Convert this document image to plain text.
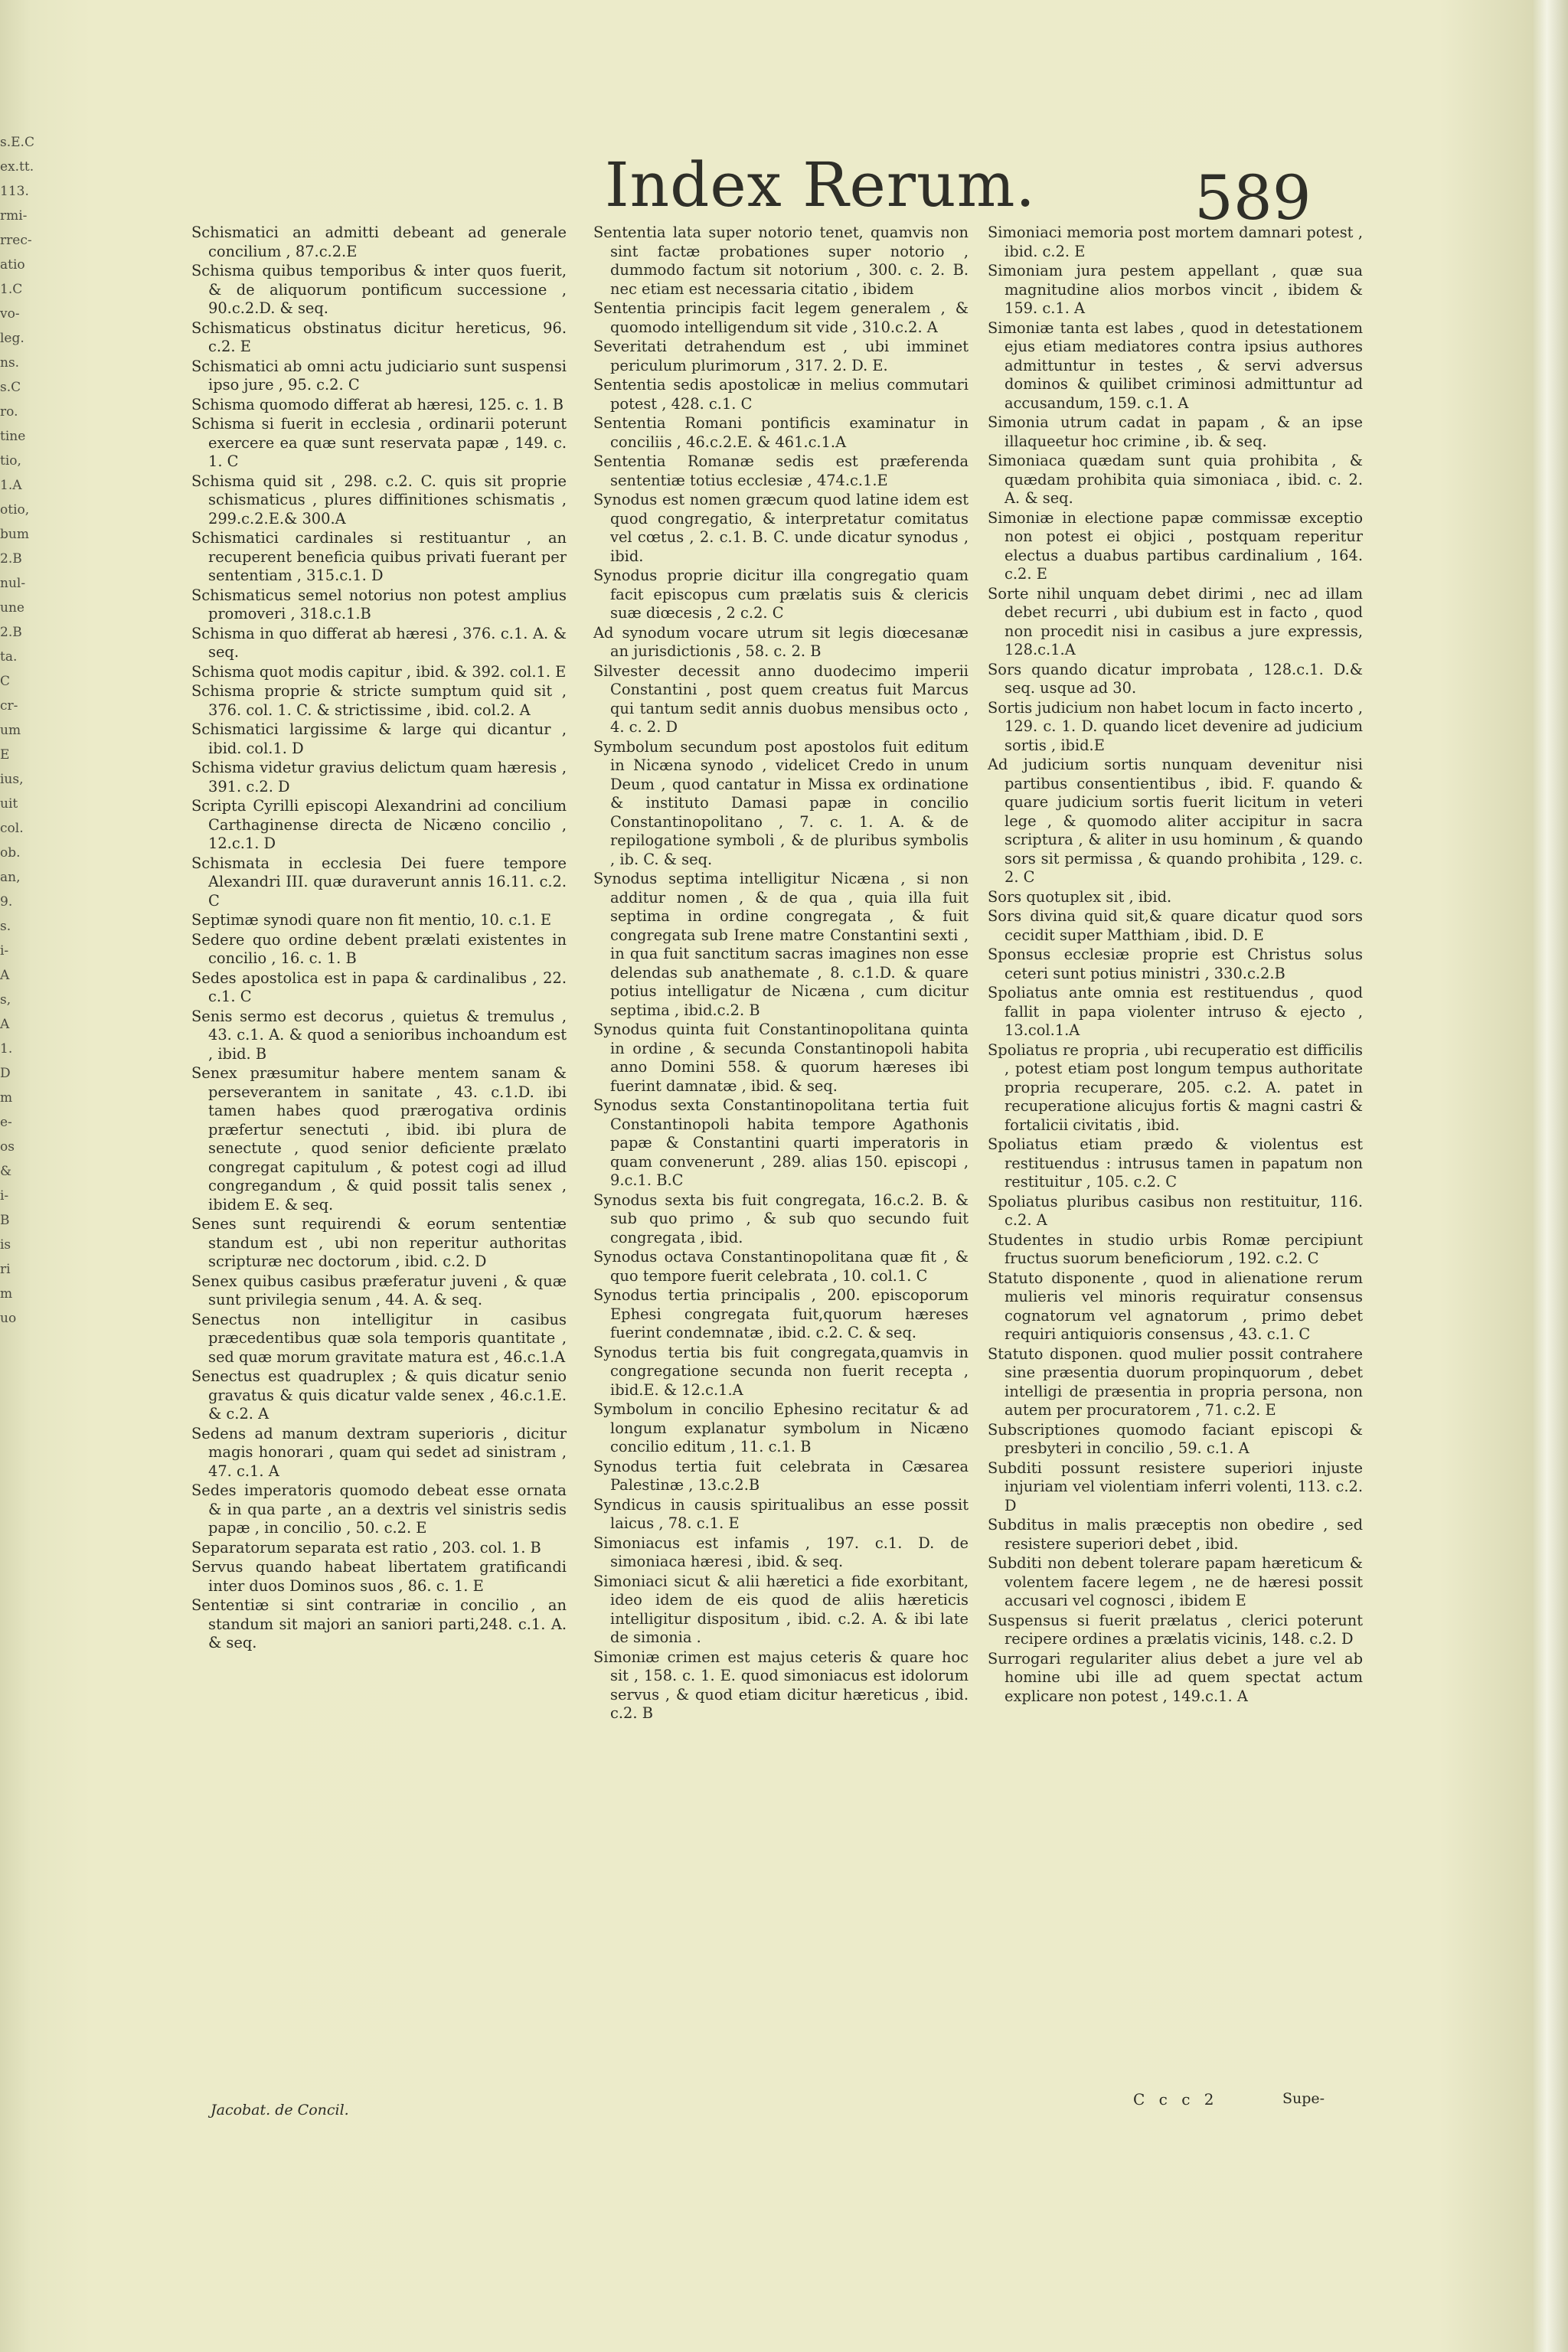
s.E.C
ex.tt.
113.
rmi-
rrec-
atio
1.C
vo-
leg.
ns.
s.C
ro.
tine
tio,
1.A
otio,
bum
2.B
nul-
une
2.B
ta.
C
cr-
um
E
ius,
uit
col.
ob.
an,
9.
s.
i-
A
s,
A
1.
D
m
e-
os
&
i-
B
is
ri
m
uo
Index Rerum.	589
Schismatici an admitti debeant ad generale concilium , 87.c.2.E
Schisma quibus temporibus & inter quos fuerit, & de aliquorum pontificum successione , 90.c.2.D. & seq.
Schismaticus obstinatus dicitur hereticus, 96. c.2. E
Schismatici ab omni actu judiciario sunt suspensi ipso jure , 95. c.2. C
Schisma quomodo differat ab hæresi, 125. c. 1. B
Schisma si fuerit in ecclesia , ordinarii poterunt exercere ea quæ sunt reservata papæ , 149. c. 1. C
Schisma quid sit , 298. c.2. C. quis sit proprie schismaticus , plures diffinitiones schismatis , 299.c.2.E.& 300.A
Schismatici cardinales si restituantur , an recuperent beneficia quibus privati fuerant per sententiam , 315.c.1. D
Schismaticus semel notorius non potest amplius promoveri , 318.c.1.B
Schisma in quo differat ab hæresi , 376. c.1. A. & seq.
Schisma quot modis capitur , ibid. & 392. col.1. E
Schisma proprie & stricte sumptum quid sit , 376. col. 1. C. & strictissime , ibid. col.2. A
Schismatici largissime & large qui dicantur , ibid. col.1. D
Schisma videtur gravius delictum quam hæresis , 391. c.2. D
Scripta Cyrilli episcopi Alexandrini ad concilium Carthaginense directa de Nicæno concilio , 12.c.1. D
Schismata in ecclesia Dei fuere tempore Alexandri III. quæ duraverunt annis 16.11. c.2. C
Septimæ synodi quare non fit mentio, 10. c.1. E
Sedere quo ordine debent prælati existentes in concilio , 16. c. 1. B
Sedes apostolica est in papa & cardinalibus , 22. c.1. C
Senis sermo est decorus , quietus & tremulus , 43. c.1. A. & quod a senioribus inchoandum est , ibid. B
Senex præsumitur habere mentem sanam & perseverantem in sanitate , 43. c.1.D. ibi tamen habes quod prærogativa ordinis præfertur senectuti , ibid. ibi plura de senectute , quod senior deficiente prælato congregat capitulum , & potest cogi ad illud congregandum , & quid possit talis senex , ibidem E. & seq.
Senes sunt requirendi & eorum sententiæ standum est , ubi non reperitur authoritas scripturæ nec doctorum , ibid. c.2. D
Senex quibus casibus præferatur juveni , & quæ sunt privilegia senum , 44. A. & seq.
Senectus non intelligitur in casibus præcedentibus quæ sola temporis quantitate , sed quæ morum gravitate matura est , 46.c.1.A
Senectus est quadruplex ; & quis dicatur senio gravatus & quis dicatur valde senex , 46.c.1.E. & c.2. A
Sedens ad manum dextram superioris , dicitur magis honorari , quam qui sedet ad sinistram , 47. c.1. A
Sedes imperatoris quomodo debeat esse ornata & in qua parte , an a dextris vel sinistris sedis papæ , in concilio , 50. c.2. E
Separatorum separata est ratio , 203. col. 1. B
Servus quando habeat libertatem gratificandi inter duos Dominos suos , 86. c. 1. E
Sententiæ si sint contrariæ in concilio , an standum sit majori an saniori parti,248. c.1. A. & seq.
Sententia lata super notorio tenet, quamvis non sint factæ probationes super notorio , dummodo factum sit notorium , 300. c. 2. B. nec etiam est necessaria citatio , ibidem
Sententia principis facit legem generalem , & quomodo intelligendum sit vide , 310.c.2. A
Severitati detrahendum est , ubi imminet periculum plurimorum , 317. 2. D. E.
Sententia sedis apostolicæ in melius commutari potest , 428. c.1. C
Sententia Romani pontificis examinatur in conciliis , 46.c.2.E. & 461.c.1.A
Sententia Romanæ sedis est præferenda sententiæ totius ecclesiæ , 474.c.1.E
Synodus est nomen græcum quod latine idem est quod congregatio, & interpretatur comitatus vel cœtus , 2. c.1. B. C. unde dicatur synodus , ibid.
Synodus proprie dicitur illa congregatio quam facit episcopus cum prælatis suis & clericis suæ diœcesis , 2 c.2. C
Ad synodum vocare utrum sit legis diœcesanæ an jurisdictionis , 58. c. 2. B
Silvester decessit anno duodecimo imperii Constantini , post quem creatus fuit Marcus qui tantum sedit annis duobus mensibus octo , 4. c. 2. D
Symbolum secundum post apostolos fuit editum in Nicæna synodo , videlicet Credo in unum Deum , quod cantatur in Missa ex ordinatione & instituto Damasi papæ in concilio Constantinopolitano , 7. c. 1. A. & de repilogatione symboli , & de pluribus symbolis , ib. C. & seq.
Synodus septima intelligitur Nicæna , si non additur nomen , & de qua , quia illa fuit septima in ordine congregata , & fuit congregata sub Irene matre Constantini sexti , in qua fuit sanctitum sacras imagines non esse delendas sub anathemate , 8. c.1.D. & quare potius intelligatur de Nicæna , cum dicitur septima , ibid.c.2. B
Synodus quinta fuit Constantinopolitana quinta in ordine , & secunda Constantinopoli habita anno Domini 558. & quorum hæreses ibi fuerint damnatæ , ibid. & seq.
Synodus sexta Constantinopolitana tertia fuit Constantinopoli habita tempore Agathonis papæ & Constantini quarti imperatoris in quam convenerunt , 289. alias 150. episcopi , 9.c.1. B.C
Synodus sexta bis fuit congregata, 16.c.2. B. & sub quo primo , & sub quo secundo fuit congregata , ibid.
Synodus octava Constantinopolitana quæ fit , & quo tempore fuerit celebrata , 10. col.1. C
Synodus tertia principalis , 200. episcoporum Ephesi congregata fuit,quorum hæreses fuerint condemnatæ , ibid. c.2. C. & seq.
Synodus tertia bis fuit congregata,quamvis in congregatione secunda non fuerit recepta , ibid.E. & 12.c.1.A
Symbolum in concilio Ephesino recitatur & ad longum explanatur symbolum in Nicæno concilio editum , 11. c.1. B
Synodus tertia fuit celebrata in Cæsarea Palestinæ , 13.c.2.B
Syndicus in causis spiritualibus an esse possit laicus , 78. c.1. E
Simoniacus est infamis , 197. c.1. D. de simoniaca hæresi , ibid. & seq.
Simoniaci sicut & alii hæretici a fide exorbitant, ideo idem de eis quod de aliis hæreticis intelligitur dispositum , ibid. c.2. A. & ibi late de simonia .
Simoniæ crimen est majus ceteris & quare hoc sit , 158. c. 1. E. quod simoniacus est idolorum servus , & quod etiam dicitur hæreticus , ibid. c.2. B
Simoniaci memoria post mortem damnari potest , ibid. c.2. E
Simoniam jura pestem appellant , quæ sua magnitudine alios morbos vincit , ibidem & 159. c.1. A
Simoniæ tanta est labes , quod in detestationem ejus etiam mediatores contra ipsius authores admittuntur in testes , & servi adversus dominos & quilibet criminosi admittuntur ad accusandum, 159. c.1. A
Simonia utrum cadat in papam , & an ipse illaqueetur hoc crimine , ib. & seq.
Simoniaca quædam sunt quia prohibita , & quædam prohibita quia simoniaca , ibid. c. 2. A. & seq.
Simoniæ in electione papæ commissæ exceptio non potest ei objici , postquam reperitur electus a duabus partibus cardinalium , 164. c.2. E
Sorte nihil unquam debet dirimi , nec ad illam debet recurri , ubi dubium est in facto , quod non procedit nisi in casibus a jure expressis, 128.c.1.A
Sors quando dicatur improbata , 128.c.1. D.& seq. usque ad 30.
Sortis judicium non habet locum in facto incerto , 129. c. 1. D. quando licet devenire ad judicium sortis , ibid.E
Ad judicium sortis nunquam devenitur nisi partibus consentientibus , ibid. F. quando & quare judicium sortis fuerit licitum in veteri lege , & quomodo aliter accipitur in sacra scriptura , & aliter in usu hominum , & quando sors sit permissa , & quando prohibita , 129. c. 2. C
Sors quotuplex sit , ibid.
Sors divina quid sit,& quare dicatur quod sors cecidit super Matthiam , ibid. D. E
Sponsus ecclesiæ proprie est Christus solus ceteri sunt potius ministri , 330.c.2.B
Spoliatus ante omnia est restituendus , quod fallit in papa violenter intruso & ejecto , 13.col.1.A
Spoliatus re propria , ubi recuperatio est difficilis , potest etiam post longum tempus authoritate propria recuperare, 205. c.2. A. patet in recuperatione alicujus fortis & magni castri & fortalicii civitatis , ibid.
Spoliatus etiam prædo & violentus est restituendus : intrusus tamen in papatum non restituitur , 105. c.2. C
Spoliatus pluribus casibus non restituitur, 116. c.2. A
Studentes in studio urbis Romæ percipiunt fructus suorum beneficiorum , 192. c.2. C
Statuto disponente , quod in alienatione rerum mulieris vel minoris requiratur consensus cognatorum vel agnatorum , primo debet requiri antiquioris consensus , 43. c.1. C
Statuto disponen. quod mulier possit contrahere sine præsentia duorum propinquorum , debet intelligi de præsentia in propria persona, non autem per procuratorem , 71. c.2. E
Subscriptiones quomodo faciant episcopi & presbyteri in concilio , 59. c.1. A
Subditi possunt resistere superiori injuste injuriam vel violentiam inferri volenti, 113. c.2. D
Subditus in malis præceptis non obedire , sed resistere superiori debet , ibid.
Subditi non debent tolerare papam hæreticum & volentem facere legem , ne de hæresi possit accusari vel cognosci , ibidem E
Suspensus si fuerit prælatus , clerici poterunt recipere ordines a prælatis vicinis, 148. c.2. D
Surrogari regulariter alius debet a jure vel ab homine ubi ille ad quem spectat actum explicare non potest , 149.c.1. A
Jacobat. de Concil.
C c c 2	Supe-
